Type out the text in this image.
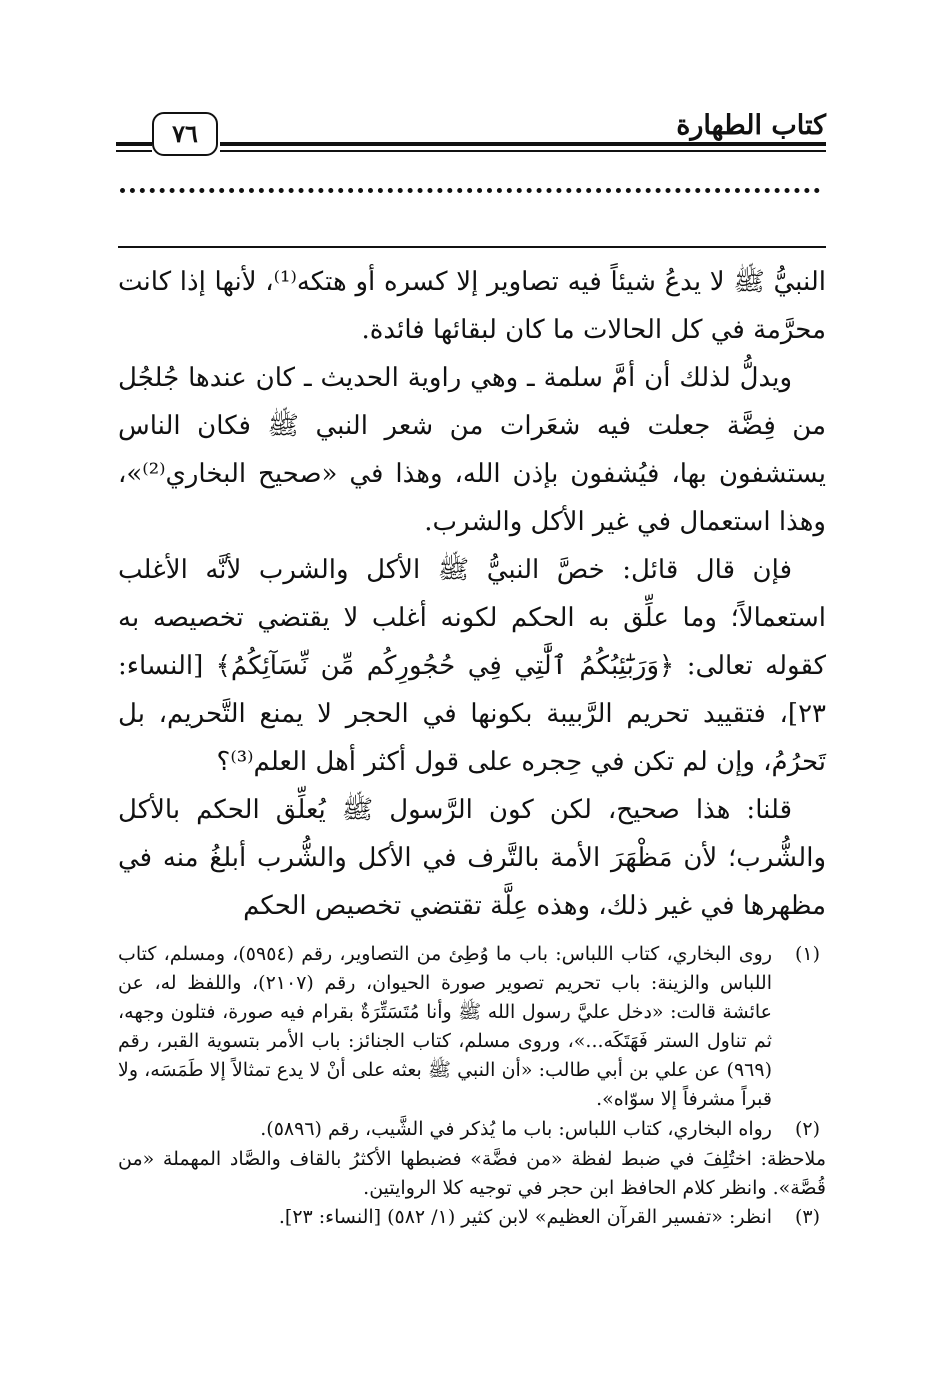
كتاب الطهارة
٧٦

النبيُّ ﷺ لا يدعُ شيئاً فيه تصاوير إلا كسره أو هتكه⁽¹⁾، لأنها إذا كانت محرَّمة في كل الحالات ما كان لبقائها فائدة.

ويدلُّ لذلك أن أمَّ سلمة ـ وهي راوية الحديث ـ كان عندها جُلجُل من فِضَّة جعلت فيه شعَرات من شعر النبي ﷺ فكان الناس يستشفون بها، فيُشفون بإذن الله، وهذا في «صحيح البخاري⁽²⁾»، وهذا استعمال في غير الأكل والشرب.

فإن قال قائل: خصَّ النبيُّ ﷺ الأكل والشرب لأنَّه الأغلب استعمالاً؛ وما علِّق به الحكم لكونه أغلب لا يقتضي تخصيصه به كقوله تعالى: ﴿وَرَبَٰٓئِبُكُمُ ٱلَّٰتِي فِي حُجُورِكُم مِّن نِّسَآئِكُمُ﴾ [النساء: ٢٣]، فتقييد تحريم الرَّبيبة بكونها في الحجر لا يمنع التَّحريم، بل تَحرُمُ، وإن لم تكن في حِجره على قول أكثر أهل العلم⁽³⁾؟

قلنا: هذا صحيح، لكن كون الرَّسول ﷺ يُعلِّق الحكم بالأكل والشُّرب؛ لأن مَظْهَرَ الأمة بالتَّرف في الأكل والشُّرب أبلغُ منه في مظهرها في غير ذلك، وهذه عِلَّة تقتضي تخصيص الحكم

(١)
روى البخاري، كتاب اللباس: باب ما وُطِئ من التصاوير، رقم (٥٩٥٤)، ومسلم، كتاب اللباس والزينة: باب تحريم تصوير صورة الحيوان، رقم (٢١٠٧)، واللفظ له، عن عائشة قالت: «دخل عليَّ رسول الله ﷺ وأنا مُتَسَتِّرَةٌ بقرام فيه صورة، فتلون وجهه، ثم تناول الستر فَهَتَكَه...»، وروى مسلم، كتاب الجنائز: باب الأمر بتسوية القبر، رقم (٩٦٩) عن علي بن أبي طالب: «أن النبي ﷺ بعثه على أنْ لا يدع تمثالاً إلا طَمَسَه، ولا قبراً مشرفاً إلا سوّاه».
(٢)
رواه البخاري، كتاب اللباس: باب ما يُذكر في الشَّيب، رقم (٥٨٩٦).

ملاحظة: اختُلِفَ في ضبط لفظة «من فضَّة» فضبطها الأكثرُ بالقاف والصَّاد المهملة «من قُصَّة». وانظر كلام الحافظ ابن حجر في توجيه كلا الروايتين.

(٣)
انظر: «تفسير القرآن العظيم» لابن كثير (١/ ٥٨٢) [النساء: ٢٣].
